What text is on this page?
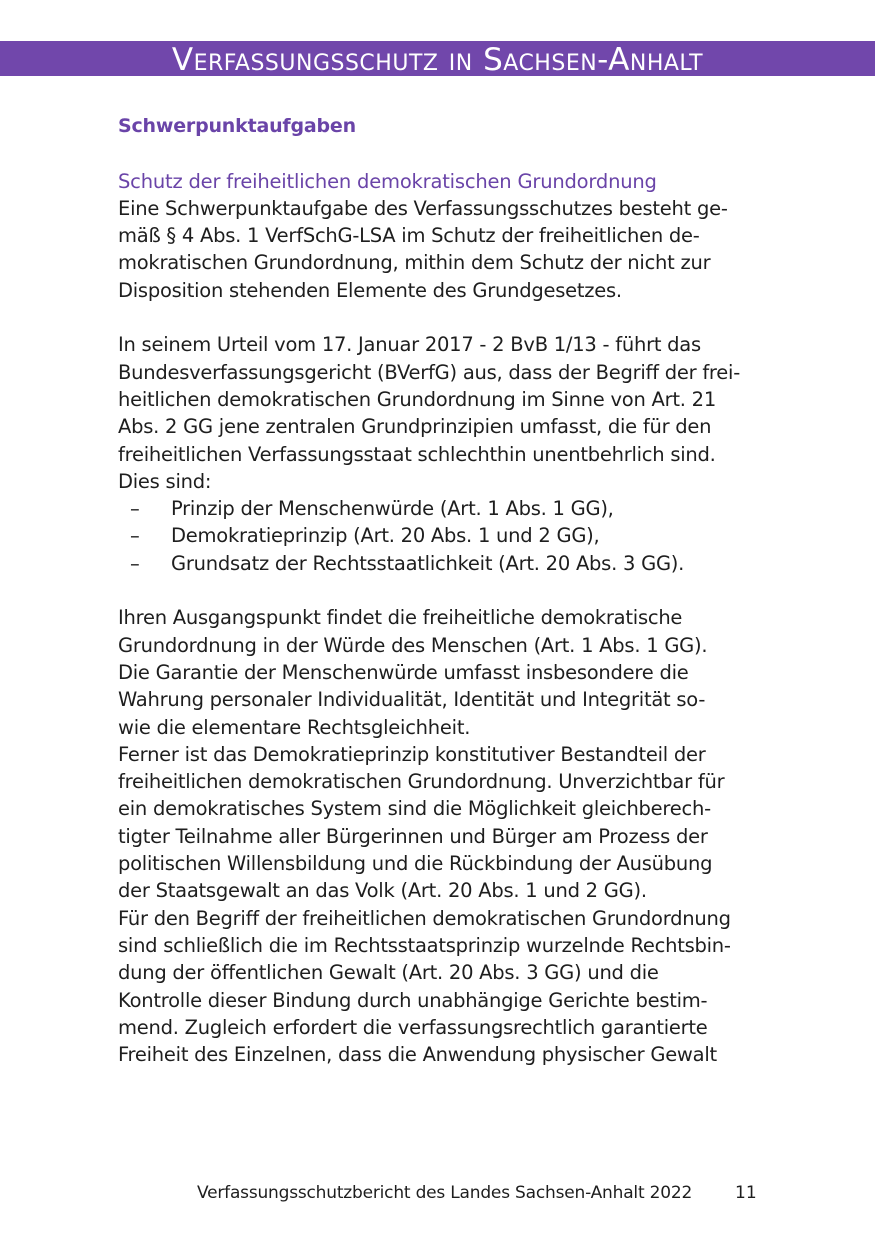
Verfassungsschutz in Sachsen-Anhalt
Schwerpunktaufgaben
Schutz der freiheitlichen demokratischen Grundordnung
Eine Schwerpunktaufgabe des Verfassungsschutzes besteht ge-
mäß § 4 Abs. 1 VerfSchG-LSA im Schutz der freiheitlichen de-
mokratischen Grundordnung, mithin dem Schutz der nicht zur
Disposition stehenden Elemente des Grundgesetzes.
In seinem Urteil vom 17. Januar 2017 - 2 BvB 1/13 - führt das
Bundesverfassungsgericht (BVerfG) aus, dass der Begriff der frei-
heitlichen demokratischen Grundordnung im Sinne von Art. 21
Abs. 2 GG jene zentralen Grundprinzipien umfasst, die für den
freiheitlichen Verfassungsstaat schlechthin unentbehrlich sind.
Dies sind:
– Prinzip der Menschenwürde (Art. 1 Abs. 1 GG),
– Demokratieprinzip (Art. 20 Abs. 1 und 2 GG),
– Grundsatz der Rechtsstaatlichkeit (Art. 20 Abs. 3 GG).
Ihren Ausgangspunkt findet die freiheitliche demokratische
Grundordnung in der Würde des Menschen (Art. 1 Abs. 1 GG).
Die Garantie der Menschenwürde umfasst insbesondere die
Wahrung personaler Individualität, Identität und Integrität so-
wie die elementare Rechtsgleichheit.
Ferner ist das Demokratieprinzip konstitutiver Bestandteil der
freiheitlichen demokratischen Grundordnung. Unverzichtbar für
ein demokratisches System sind die Möglichkeit gleichberech-
tigter Teilnahme aller Bürgerinnen und Bürger am Prozess der
politischen Willensbildung und die Rückbindung der Ausübung
der Staatsgewalt an das Volk (Art. 20 Abs. 1 und 2 GG).
Für den Begriff der freiheitlichen demokratischen Grundordnung
sind schließlich die im Rechtsstaatsprinzip wurzelnde Rechtsbin-
dung der öffentlichen Gewalt (Art. 20 Abs. 3 GG) und die
Kontrolle dieser Bindung durch unabhängige Gerichte bestim-
mend. Zugleich erfordert die verfassungsrechtlich garantierte
Freiheit des Einzelnen, dass die Anwendung physischer Gewalt
Verfassungsschutzbericht des Landes Sachsen-Anhalt 2022	11
